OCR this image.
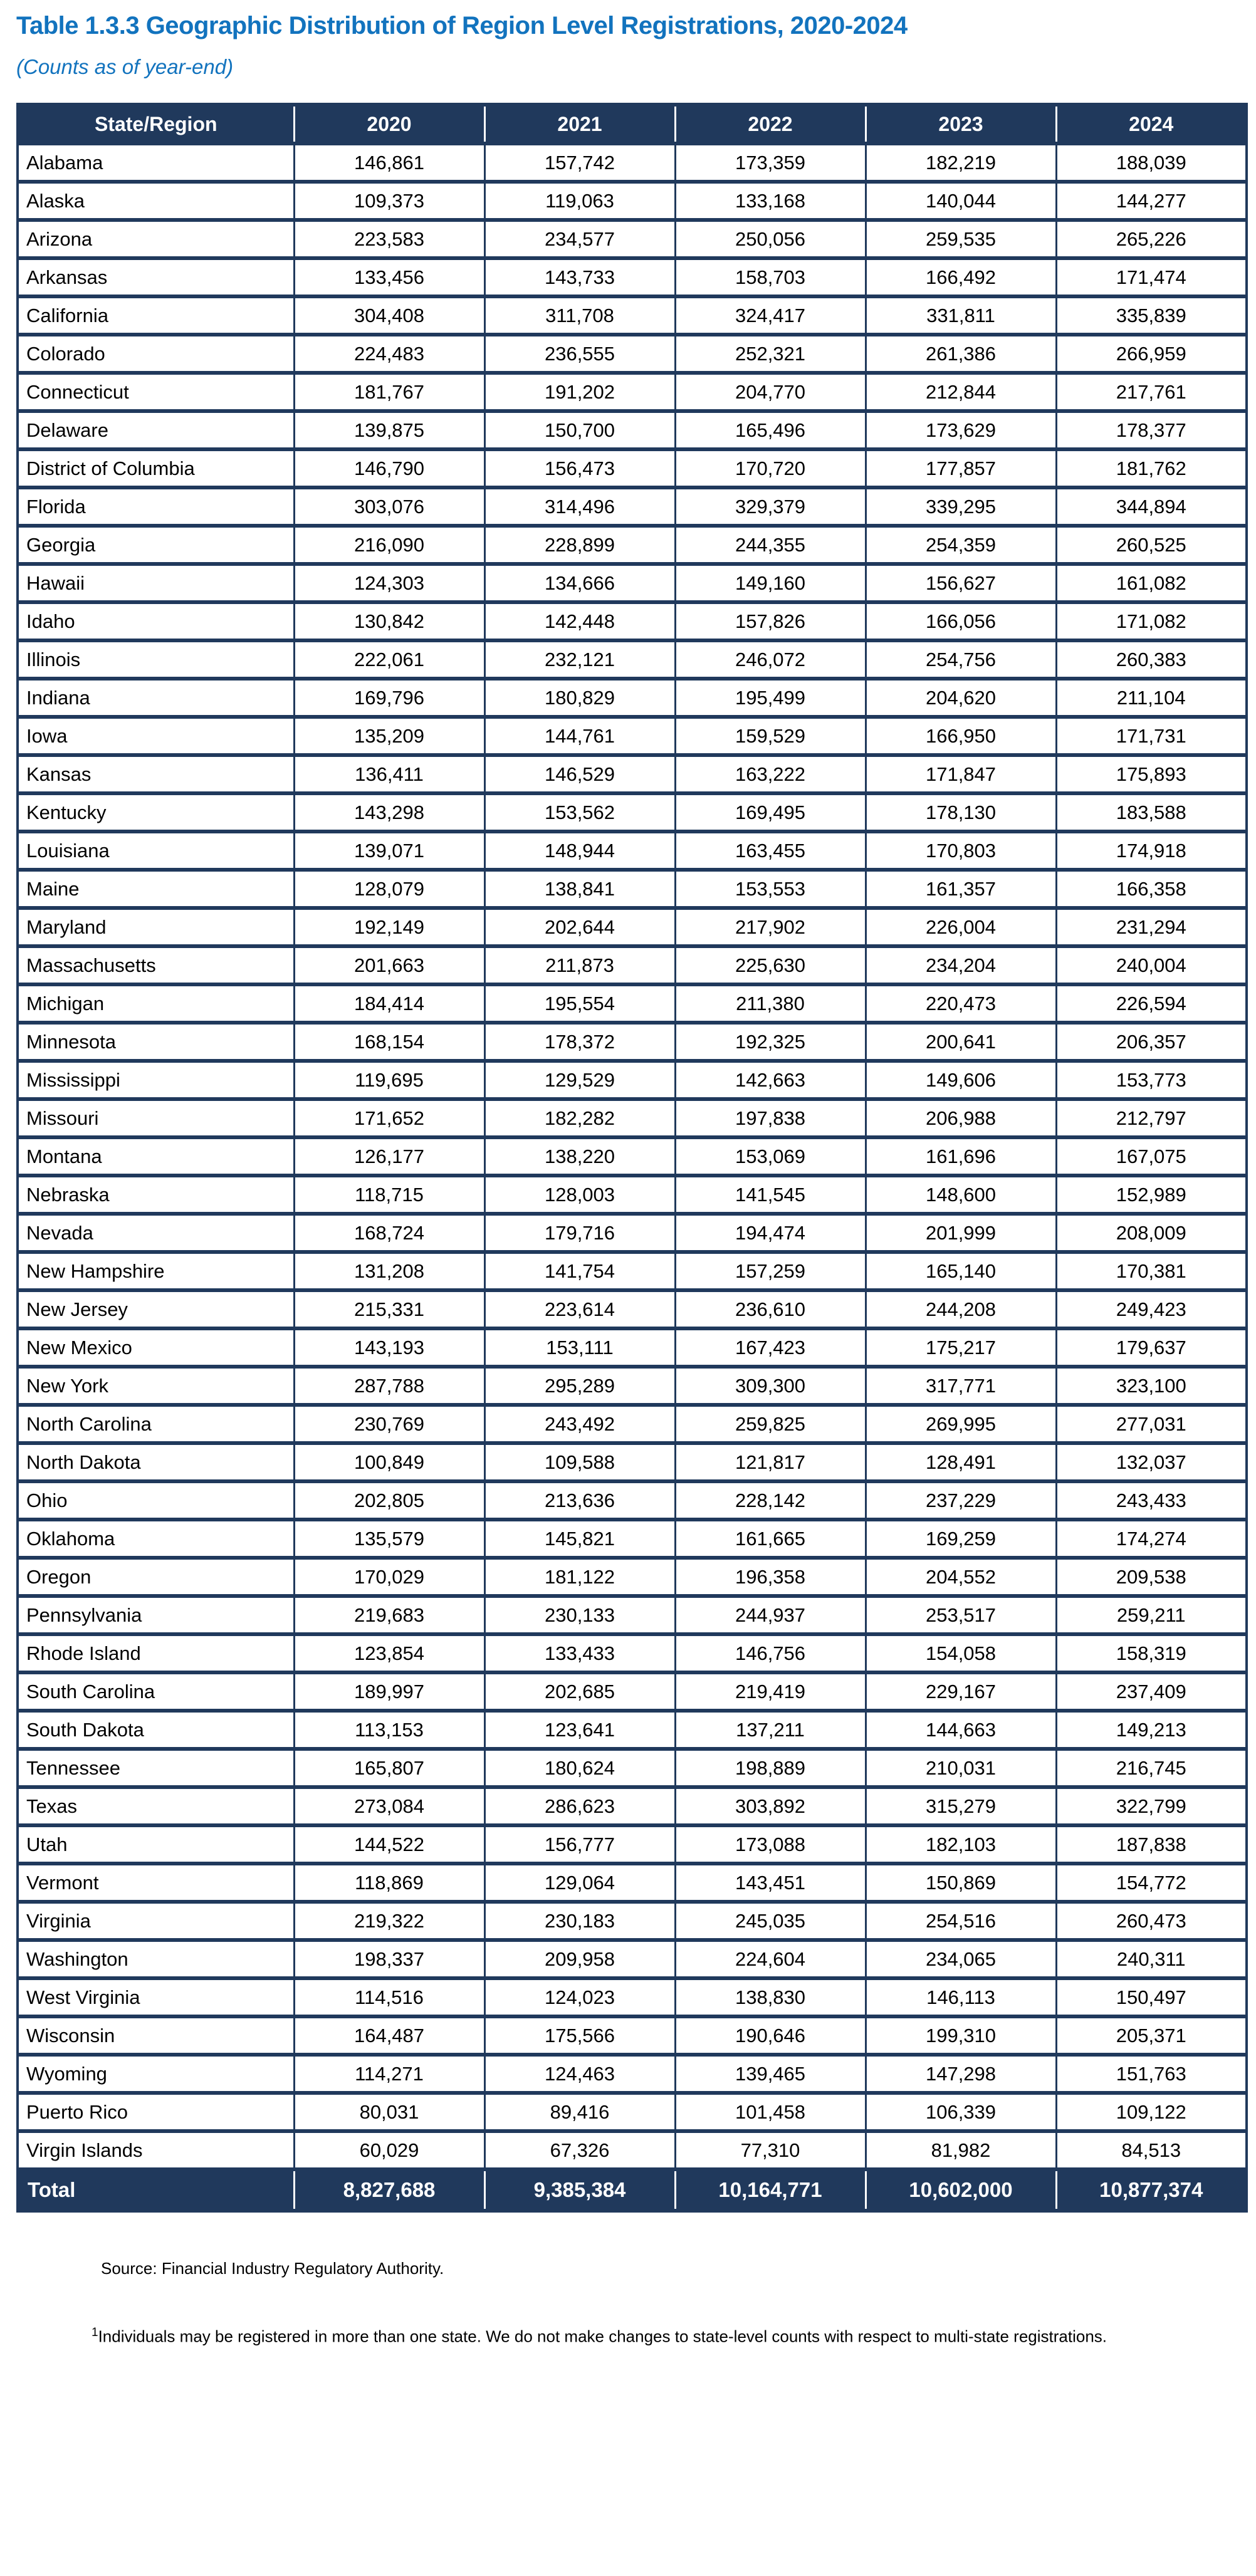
Table 1.3.3 Geographic Distribution of Region Level Registrations, 2020-2024
(Counts as of year-end)
State/Region	2020	2021	2022	2023	2024
Alabama	146,861	157,742	173,359	182,219	188,039
Alaska	109,373	119,063	133,168	140,044	144,277
Arizona	223,583	234,577	250,056	259,535	265,226
Arkansas	133,456	143,733	158,703	166,492	171,474
California	304,408	311,708	324,417	331,811	335,839
Colorado	224,483	236,555	252,321	261,386	266,959
Connecticut	181,767	191,202	204,770	212,844	217,761
Delaware	139,875	150,700	165,496	173,629	178,377
District of Columbia	146,790	156,473	170,720	177,857	181,762
Florida	303,076	314,496	329,379	339,295	344,894
Georgia	216,090	228,899	244,355	254,359	260,525
Hawaii	124,303	134,666	149,160	156,627	161,082
Idaho	130,842	142,448	157,826	166,056	171,082
Illinois	222,061	232,121	246,072	254,756	260,383
Indiana	169,796	180,829	195,499	204,620	211,104
Iowa	135,209	144,761	159,529	166,950	171,731
Kansas	136,411	146,529	163,222	171,847	175,893
Kentucky	143,298	153,562	169,495	178,130	183,588
Louisiana	139,071	148,944	163,455	170,803	174,918
Maine	128,079	138,841	153,553	161,357	166,358
Maryland	192,149	202,644	217,902	226,004	231,294
Massachusetts	201,663	211,873	225,630	234,204	240,004
Michigan	184,414	195,554	211,380	220,473	226,594
Minnesota	168,154	178,372	192,325	200,641	206,357
Mississippi	119,695	129,529	142,663	149,606	153,773
Missouri	171,652	182,282	197,838	206,988	212,797
Montana	126,177	138,220	153,069	161,696	167,075
Nebraska	118,715	128,003	141,545	148,600	152,989
Nevada	168,724	179,716	194,474	201,999	208,009
New Hampshire	131,208	141,754	157,259	165,140	170,381
New Jersey	215,331	223,614	236,610	244,208	249,423
New Mexico	143,193	153,111	167,423	175,217	179,637
New York	287,788	295,289	309,300	317,771	323,100
North Carolina	230,769	243,492	259,825	269,995	277,031
North Dakota	100,849	109,588	121,817	128,491	132,037
Ohio	202,805	213,636	228,142	237,229	243,433
Oklahoma	135,579	145,821	161,665	169,259	174,274
Oregon	170,029	181,122	196,358	204,552	209,538
Pennsylvania	219,683	230,133	244,937	253,517	259,211
Rhode Island	123,854	133,433	146,756	154,058	158,319
South Carolina	189,997	202,685	219,419	229,167	237,409
South Dakota	113,153	123,641	137,211	144,663	149,213
Tennessee	165,807	180,624	198,889	210,031	216,745
Texas	273,084	286,623	303,892	315,279	322,799
Utah	144,522	156,777	173,088	182,103	187,838
Vermont	118,869	129,064	143,451	150,869	154,772
Virginia	219,322	230,183	245,035	254,516	260,473
Washington	198,337	209,958	224,604	234,065	240,311
West Virginia	114,516	124,023	138,830	146,113	150,497
Wisconsin	164,487	175,566	190,646	199,310	205,371
Wyoming	114,271	124,463	139,465	147,298	151,763
Puerto Rico	80,031	89,416	101,458	106,339	109,122
Virgin Islands	60,029	67,326	77,310	81,982	84,513
Total	8,827,688	9,385,384	10,164,771	10,602,000	10,877,374

Source: Financial Industry Regulatory Authority.

$^1$Individuals may be registered in more than one state. We do not make changes to state-level counts with respect to multi-state registrations.
